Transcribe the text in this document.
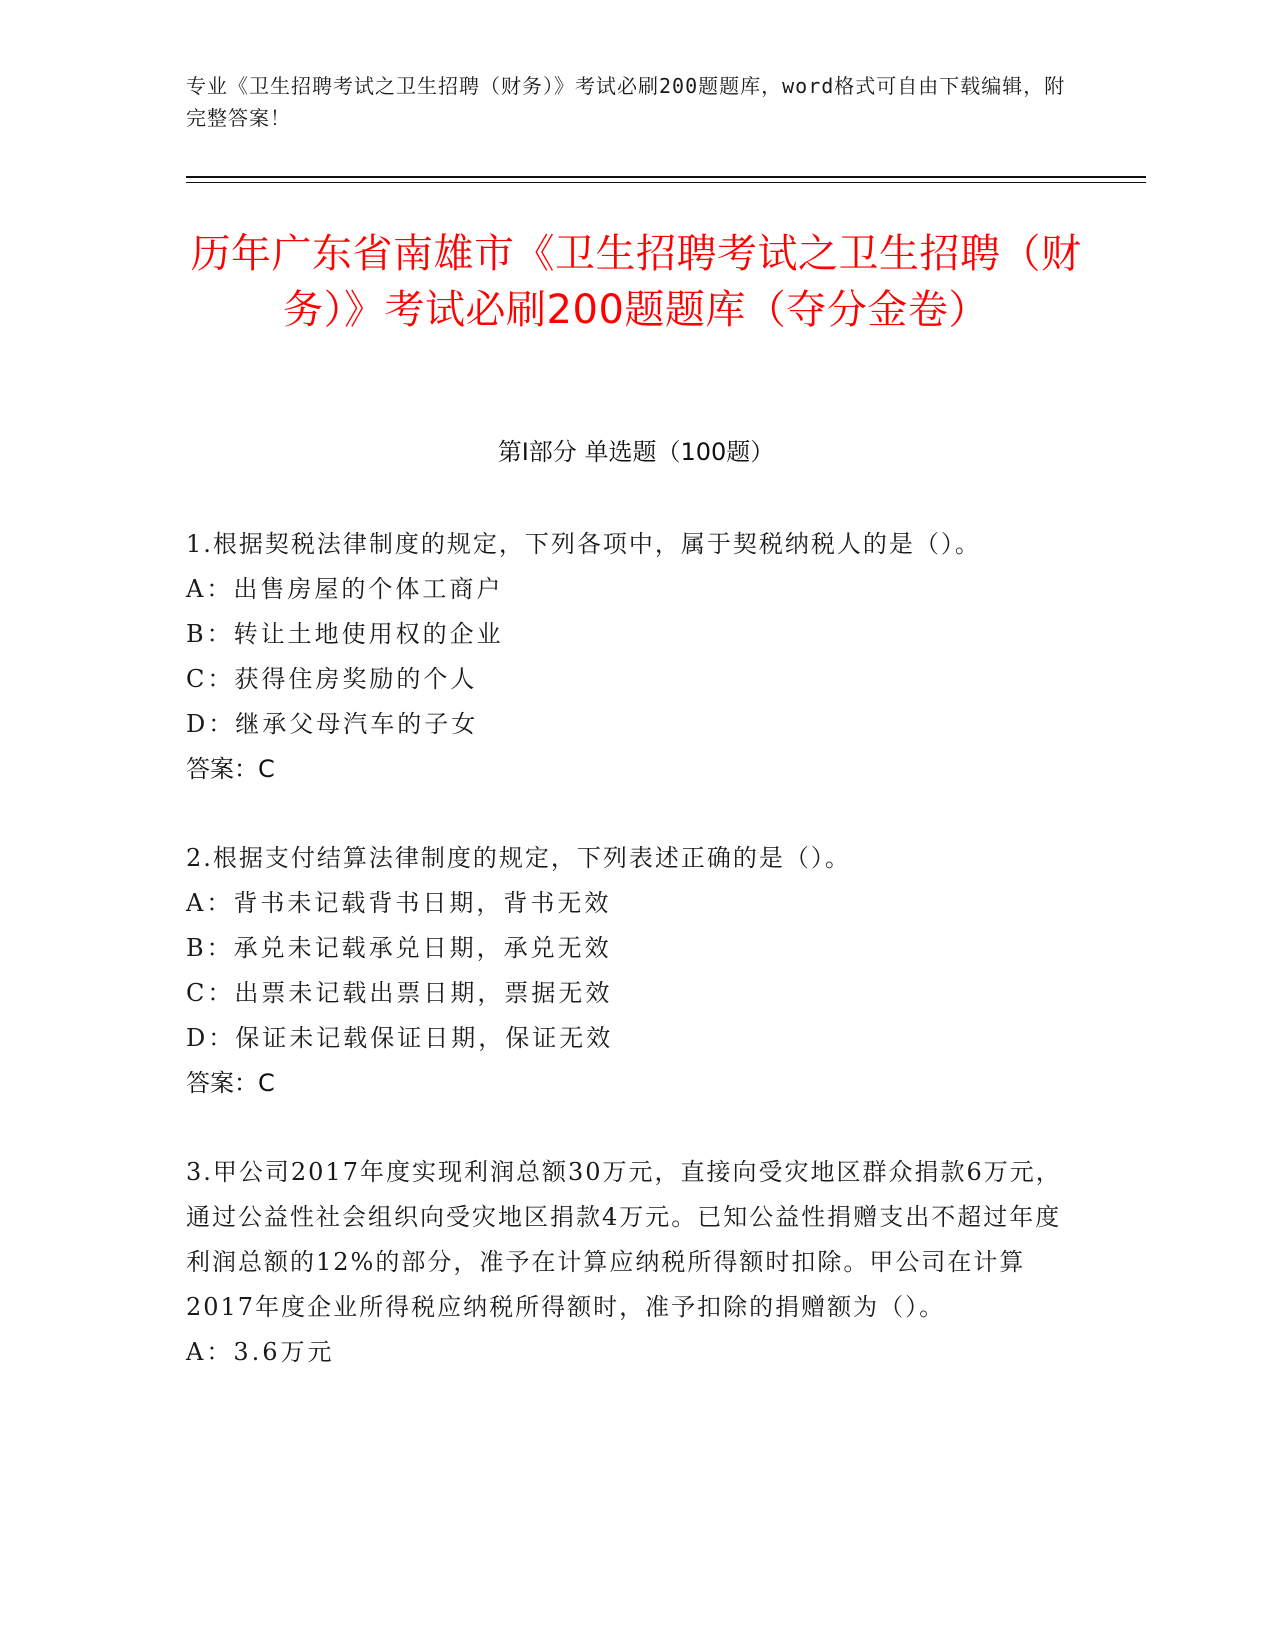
专业《卫生招聘考试之卫生招聘（财务）》考试必刷200题题库，word格式可自由下载编辑，附完整答案！
历年广东省南雄市《卫生招聘考试之卫生招聘（财务）》考试必刷200题题库（夺分金卷）
第Ⅰ部分 单选题（100题）
1.根据契税法律制度的规定，下列各项中，属于契税纳税人的是（）。
A：出售房屋的个体工商户
B：转让土地使用权的企业
C：获得住房奖励的个人
D：继承父母汽车的子女
答案：C
2.根据支付结算法律制度的规定，下列表述正确的是（）。
A：背书未记载背书日期，背书无效
B：承兑未记载承兑日期，承兑无效
C：出票未记载出票日期，票据无效
D：保证未记载保证日期，保证无效
答案：C
3.甲公司2017年度实现利润总额30万元，直接向受灾地区群众捐款6万元，通过公益性社会组织向受灾地区捐款4万元。已知公益性捐赠支出不超过年度利润总额的12%的部分，准予在计算应纳税所得额时扣除。甲公司在计算2017年度企业所得税应纳税所得额时，准予扣除的捐赠额为（）。
A：3.6万元
